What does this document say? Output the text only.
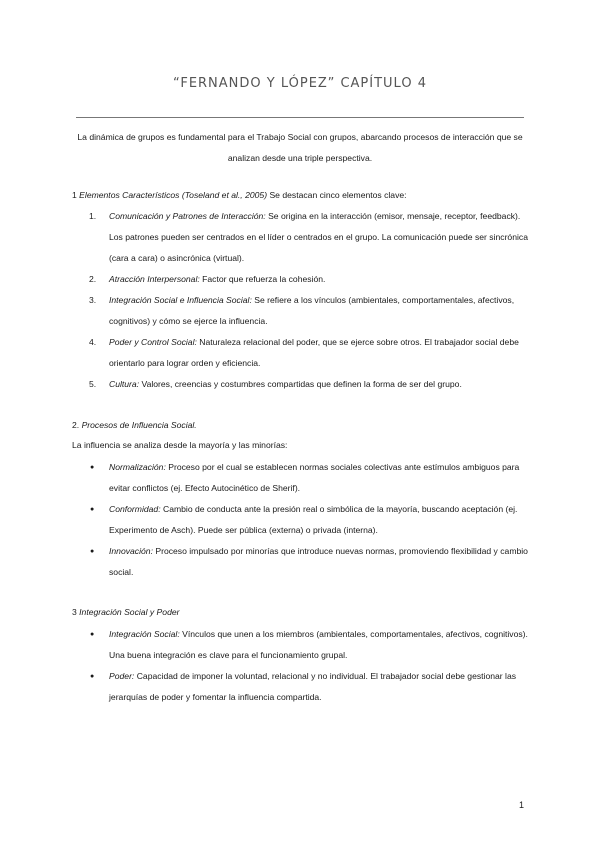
“FERNANDO Y LÓPEZ” CAPÍTULO 4
La dinámica de grupos es fundamental para el Trabajo Social con grupos, abarcando procesos de interacción que se analizan desde una triple perspectiva.
1 Elementos Característicos (Toseland et al., 2005) Se destacan cinco elementos clave:
1.	Comunicación y Patrones de Interacción: Se origina en la interacción (emisor, mensaje, receptor, feedback). Los patrones pueden ser centrados en el líder o centrados en el grupo. La comunicación puede ser sincrónica (cara a cara) o asincrónica (virtual).
2.	Atracción Interpersonal: Factor que refuerza la cohesión.
3.	Integración Social e Influencia Social: Se refiere a los vínculos (ambientales, comportamentales, afectivos, cognitivos) y cómo se ejerce la influencia.
4.	Poder y Control Social: Naturaleza relacional del poder, que se ejerce sobre otros. El trabajador social debe orientarlo para lograr orden y eficiencia.
5.	Cultura: Valores, creencias y costumbres compartidas que definen la forma de ser del grupo.
2. Procesos de Influencia Social.
La influencia se analiza desde la mayoría y las minorías:
●	Normalización: Proceso por el cual se establecen normas sociales colectivas ante estímulos ambiguos para evitar conflictos (ej. Efecto Autocinético de Sherif).
●	Conformidad: Cambio de conducta ante la presión real o simbólica de la mayoría, buscando aceptación (ej. Experimento de Asch). Puede ser pública (externa) o privada (interna).
●	Innovación: Proceso impulsado por minorías que introduce nuevas normas, promoviendo flexibilidad y cambio social.
3 Integración Social y Poder
●	Integración Social: Vínculos que unen a los miembros (ambientales, comportamentales, afectivos, cognitivos). Una buena integración es clave para el funcionamiento grupal.
●	Poder: Capacidad de imponer la voluntad, relacional y no individual. El trabajador social debe gestionar las jerarquías de poder y fomentar la influencia compartida.
1
